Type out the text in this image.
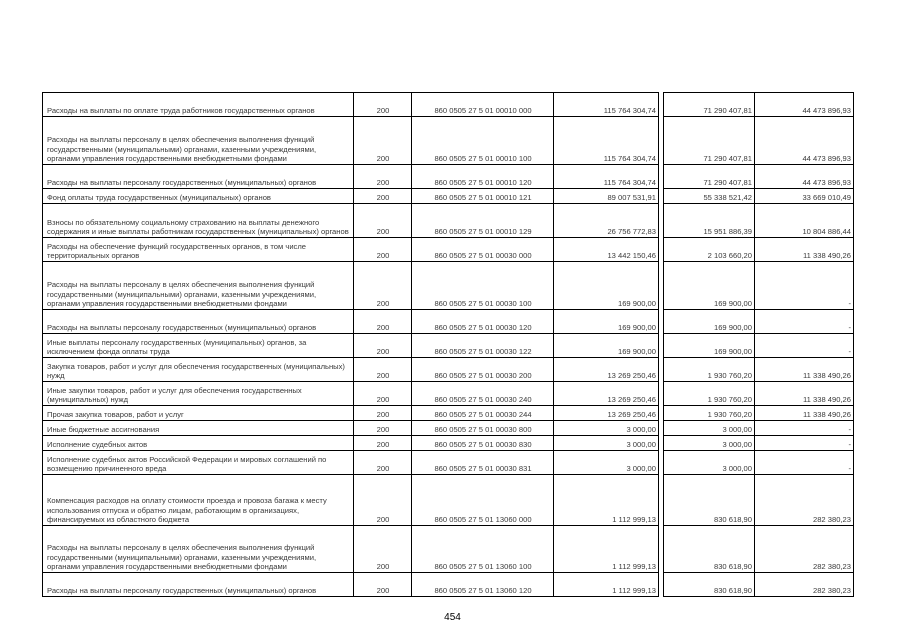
Расходы на выплаты по оплате труда работников государственных органов	200	860 0505 27 5 01 00010 000	115 764 304,74		71 290 407,81	44 473 896,93
Расходы на выплаты персоналу в целях обеспечения выполнения функций государственными (муниципальными) органами, казенными учреждениями, органами управления государственными внебюджетными фондами	200	860 0505 27 5 01 00010 100	115 764 304,74		71 290 407,81	44 473 896,93
Расходы на выплаты персоналу государственных (муниципальных) органов	200	860 0505 27 5 01 00010 120	115 764 304,74		71 290 407,81	44 473 896,93
Фонд оплаты труда государственных (муниципальных) органов	200	860 0505 27 5 01 00010 121	89 007 531,91		55 338 521,42	33 669 010,49
Взносы по обязательному социальному страхованию на выплаты денежного содержания и иные выплаты работникам государственных (муниципальных) органов	200	860 0505 27 5 01 00010 129	26 756 772,83		15 951 886,39	10 804 886,44
Расходы на обеспечение функций государственных органов, в том числе территориальных органов	200	860 0505 27 5 01 00030 000	13 442 150,46		2 103 660,20	11 338 490,26
Расходы на выплаты персоналу в целях обеспечения выполнения функций государственными (муниципальными) органами, казенными учреждениями, органами управления государственными внебюджетными фондами	200	860 0505 27 5 01 00030 100	169 900,00		169 900,00	-
Расходы на выплаты персоналу государственных (муниципальных) органов	200	860 0505 27 5 01 00030 120	169 900,00		169 900,00	-
Иные выплаты персоналу государственных (муниципальных) органов, за исключением фонда оплаты труда	200	860 0505 27 5 01 00030 122	169 900,00		169 900,00	-
Закупка товаров, работ и услуг для обеспечения государственных (муниципальных) нужд	200	860 0505 27 5 01 00030 200	13 269 250,46		1 930 760,20	11 338 490,26
Иные закупки товаров, работ и услуг для обеспечения государственных (муниципальных) нужд	200	860 0505 27 5 01 00030 240	13 269 250,46		1 930 760,20	11 338 490,26
Прочая закупка товаров, работ и услуг	200	860 0505 27 5 01 00030 244	13 269 250,46		1 930 760,20	11 338 490,26
Иные бюджетные ассигнования	200	860 0505 27 5 01 00030 800	3 000,00		3 000,00	-
Исполнение судебных актов	200	860 0505 27 5 01 00030 830	3 000,00		3 000,00	-
Исполнение судебных актов Российской Федерации и мировых соглашений по возмещению причиненного вреда	200	860 0505 27 5 01 00030 831	3 000,00		3 000,00	-
Компенсация расходов на оплату стоимости проезда и провоза багажа к месту использования отпуска и обратно лицам, работающим в организациях, финансируемых из областного бюджета	200	860 0505 27 5 01 13060 000	1 112 999,13		830 618,90	282 380,23
Расходы на выплаты персоналу в целях обеспечения выполнения функций государственными (муниципальными) органами, казенными учреждениями, органами управления государственными внебюджетными фондами	200	860 0505 27 5 01 13060 100	1 112 999,13		830 618,90	282 380,23
Расходы на выплаты персоналу государственных (муниципальных) органов	200	860 0505 27 5 01 13060 120	1 112 999,13		830 618,90	282 380,23
454
